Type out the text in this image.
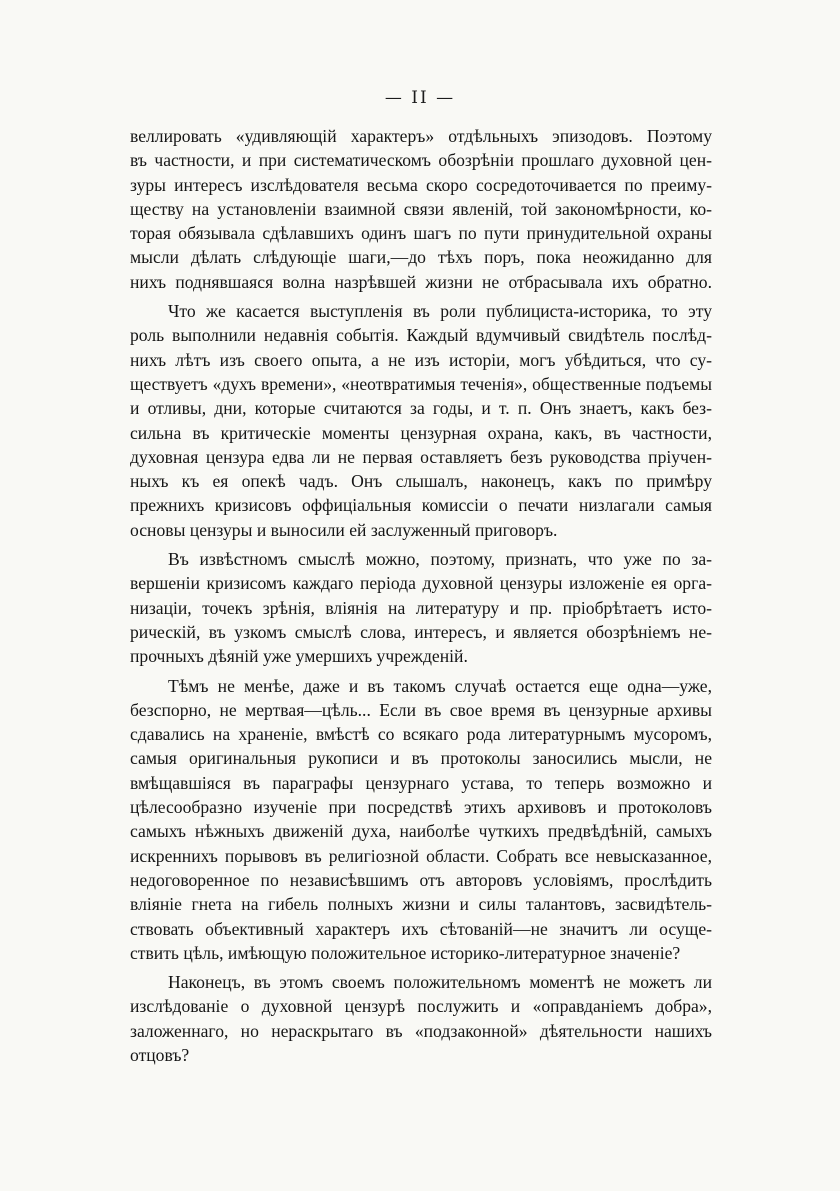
— II —
веллировать «удивляющій характеръ» отдѣльныхъ эпизодовъ. Поэтому
въ частности, и при систематическомъ обозрѣніи прошлаго духовной цен-
зуры интересъ изслѣдователя весьма скоро сосредоточивается по преиму-
ществу на установленіи взаимной связи явленій, той закономѣрности, ко-
торая обязывала сдѣлавшихъ одинъ шагъ по пути принудительной охраны
мысли дѣлать слѣдующіе шаги,—до тѣхъ поръ, пока неожиданно для
нихъ поднявшаяся волна назрѣвшей жизни не отбрасывала ихъ обратно.
Что же касается выступленія въ роли публициста-историка, то эту
роль выполнили недавнія событія. Каждый вдумчивый свидѣтель послѣд-
нихъ лѣтъ изъ своего опыта, а не изъ исторіи, могъ убѣдиться, что су-
ществуетъ «духъ времени», «неотвратимыя теченія», общественные подъемы
и отливы, дни, которые считаются за годы, и т. п. Онъ знаетъ, какъ без-
сильна въ критическіе моменты цензурная охрана, какъ, въ частности,
духовная цензура едва ли не первая оставляетъ безъ руководства пріучен-
ныхъ къ ея опекѣ чадъ. Онъ слышалъ, наконецъ, какъ по примѣру
прежнихъ кризисовъ оффиціальныя комиссіи о печати низлагали самыя
основы цензуры и выносили ей заслуженный приговоръ.
Въ извѣстномъ смыслѣ можно, поэтому, признать, что уже по за-
вершеніи кризисомъ каждаго періода духовной цензуры изложеніе ея орга-
низаціи, точекъ зрѣнія, вліянія на литературу и пр. пріобрѣтаетъ исто-
рическій, въ узкомъ смыслѣ слова, интересъ, и является обозрѣніемъ не-
прочныхъ дѣяній уже умершихъ учрежденій.
Тѣмъ не менѣе, даже и въ такомъ случаѣ остается еще одна—уже,
безспорно, не мертвая—цѣль... Если въ свое время въ цензурные архивы
сдавались на храненіе, вмѣстѣ со всякаго рода литературнымъ мусоромъ,
самыя оригинальныя рукописи и въ протоколы заносились мысли, не
вмѣщавшіяся въ параграфы цензурнаго устава, то теперь возможно и
цѣлесообразно изученіе при посредствѣ этихъ архивовъ и протоколовъ
самыхъ нѣжныхъ движеній духа, наиболѣе чуткихъ предвѣдѣній, самыхъ
искреннихъ порывовъ въ религіозной области. Собрать все невысказанное,
недоговоренное по независѣвшимъ отъ авторовъ условіямъ, прослѣдить
вліяніе гнета на гибель полныхъ жизни и силы талантовъ, засвидѣтель-
ствовать объективный характеръ ихъ сѣтованій—не значитъ ли осуще-
ствить цѣль, имѣющую положительное историко-литературное значеніе?
Наконецъ, въ этомъ своемъ положительномъ моментѣ не можетъ ли
изслѣдованіе о духовной цензурѣ послужить и «оправданіемъ добра»,
заложеннаго, но нераскрытаго въ «подзаконной» дѣятельности нашихъ
отцовъ?
